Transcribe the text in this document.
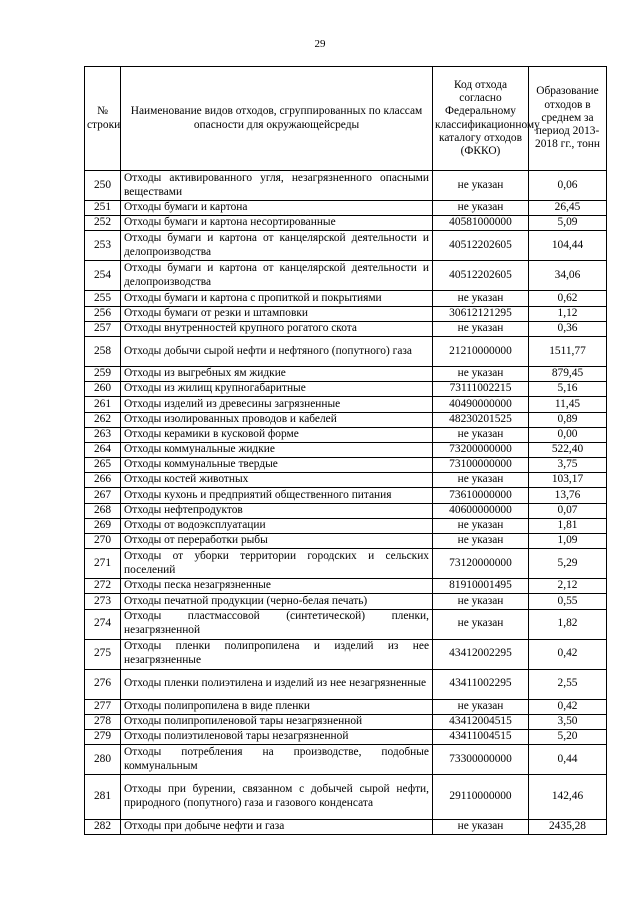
29
№ строки	Наименование видов отходов, сгруппированных по классам опасности для окружающейсреды	Код отхода согласно Федеральному классификационному каталогу отходов (ФККО)	Образование отходов в среднем за период 2013-2018 гг., тонн
250	Отходы активированного угля, незагрязненного опасными веществами	не указан	0,06
251	Отходы бумаги и картона	не указан	26,45
252	Отходы бумаги и картона несортированные	40581000000	5,09
253	Отходы бумаги и картона от канцелярской деятельности и делопроизводства	40512202605	104,44
254	Отходы бумаги и картона от канцелярской деятельности и делопроизводства	40512202605	34,06
255	Отходы бумаги и картона с пропиткой и покрытиями	не указан	0,62
256	Отходы бумаги от резки и штамповки	30612121295	1,12
257	Отходы внутренностей крупного рогатого скота	не указан	0,36
258	Отходы добычи сырой нефти и нефтяного (попутного) газа	21210000000	1511,77
259	Отходы из выгребных ям жидкие	не указан	879,45
260	Отходы из жилищ крупногабаритные	73111002215	5,16
261	Отходы изделий из древесины загрязненные	40490000000	11,45
262	Отходы изолированных проводов и кабелей	48230201525	0,89
263	Отходы керамики в кусковой форме	не указан	0,00
264	Отходы коммунальные жидкие	73200000000	522,40
265	Отходы коммунальные твердые	73100000000	3,75
266	Отходы костей животных	не указан	103,17
267	Отходы кухонь и предприятий общественного питания	73610000000	13,76
268	Отходы нефтепродуктов	40600000000	0,07
269	Отходы от водоэксплуатации	не указан	1,81
270	Отходы от переработки рыбы	не указан	1,09
271	Отходы от уборки территории городских и сельских поселений	73120000000	5,29
272	Отходы песка незагрязненные	81910001495	2,12
273	Отходы печатной продукции (черно-белая печать)	не указан	0,55
274	Отходы пластмассовой (синтетической) пленки, незагрязненной	не указан	1,82
275	Отходы пленки полипропилена и изделий из нее незагрязненные	43412002295	0,42
276	Отходы пленки полиэтилена и изделий из нее незагрязненные	43411002295	2,55
277	Отходы полипропилена в виде пленки	не указан	0,42
278	Отходы полипропиленовой тары незагрязненной	43412004515	3,50
279	Отходы полиэтиленовой тары незагрязненной	43411004515	5,20
280	Отходы потребления на производстве, подобные коммунальным	73300000000	0,44
281	Отходы при бурении, связанном с добычей сырой нефти, природного (попутного) газа и газового конденсата	29110000000	142,46
282	Отходы при добыче нефти и газа	не указан	2435,28
